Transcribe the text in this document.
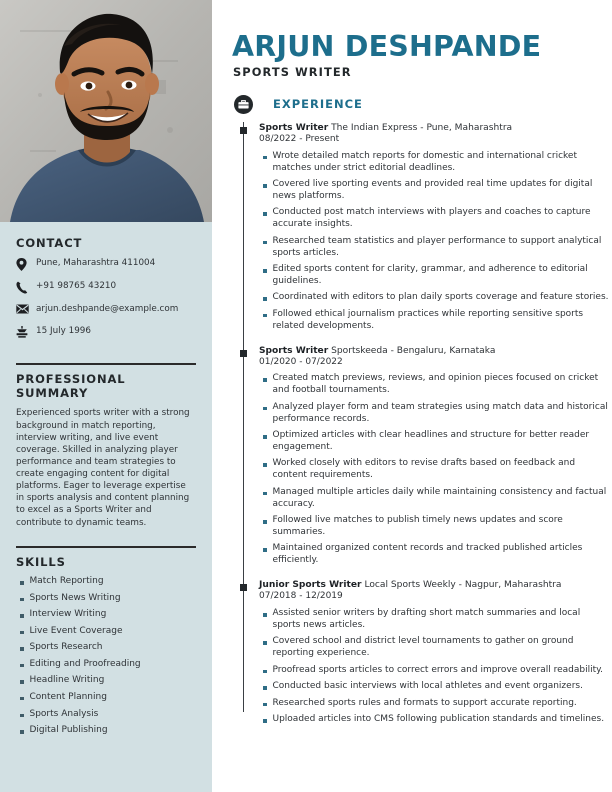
CONTACT
Pune, Maharashtra 411004
+91 98765 43210
arjun.deshpande@example.com
15 July 1996
PROFESSIONAL SUMMARY

Experienced sports writer with a strong background in match reporting, interview writing, and live event coverage. Skilled in analyzing player performance and team strategies to create engaging content for digital platforms. Eager to leverage expertise in sports analysis and content planning to excel as a Sports Writer and contribute to dynamic teams.

SKILLS
Match Reporting
Sports News Writing
Interview Writing
Live Event Coverage
Sports Research
Editing and Proofreading
Headline Writing
Content Planning
Sports Analysis
Digital Publishing
ARJUN DESHPANDE
SPORTS WRITER
EXPERIENCE

Sports Writer The Indian Express - Pune, Maharashtra

08/2022 - Present

Wrote detailed match reports for domestic and international cricket matches under strict editorial deadlines.
Covered live sporting events and provided real time updates for digital news platforms.
Conducted post match interviews with players and coaches to capture accurate insights.
Researched team statistics and player performance to support analytical sports articles.
Edited sports content for clarity, grammar, and adherence to editorial guidelines.
Coordinated with editors to plan daily sports coverage and feature stories.
Followed ethical journalism practices while reporting sensitive sports related developments.

Sports Writer Sportskeeda - Bengaluru, Karnataka

01/2020 - 07/2022

Created match previews, reviews, and opinion pieces focused on cricket and football tournaments.
Analyzed player form and team strategies using match data and historical performance records.
Optimized articles with clear headlines and structure for better reader engagement.
Worked closely with editors to revise drafts based on feedback and content requirements.
Managed multiple articles daily while maintaining consistency and factual accuracy.
Followed live matches to publish timely news updates and score summaries.
Maintained organized content records and tracked published articles efficiently.

Junior Sports Writer Local Sports Weekly - Nagpur, Maharashtra

07/2018 - 12/2019

Assisted senior writers by drafting short match summaries and local sports news articles.
Covered school and district level tournaments to gather on ground reporting experience.
Proofread sports articles to correct errors and improve overall readability.
Conducted basic interviews with local athletes and event organizers.
Researched sports rules and formats to support accurate reporting.
Uploaded articles into CMS following publication standards and timelines.
